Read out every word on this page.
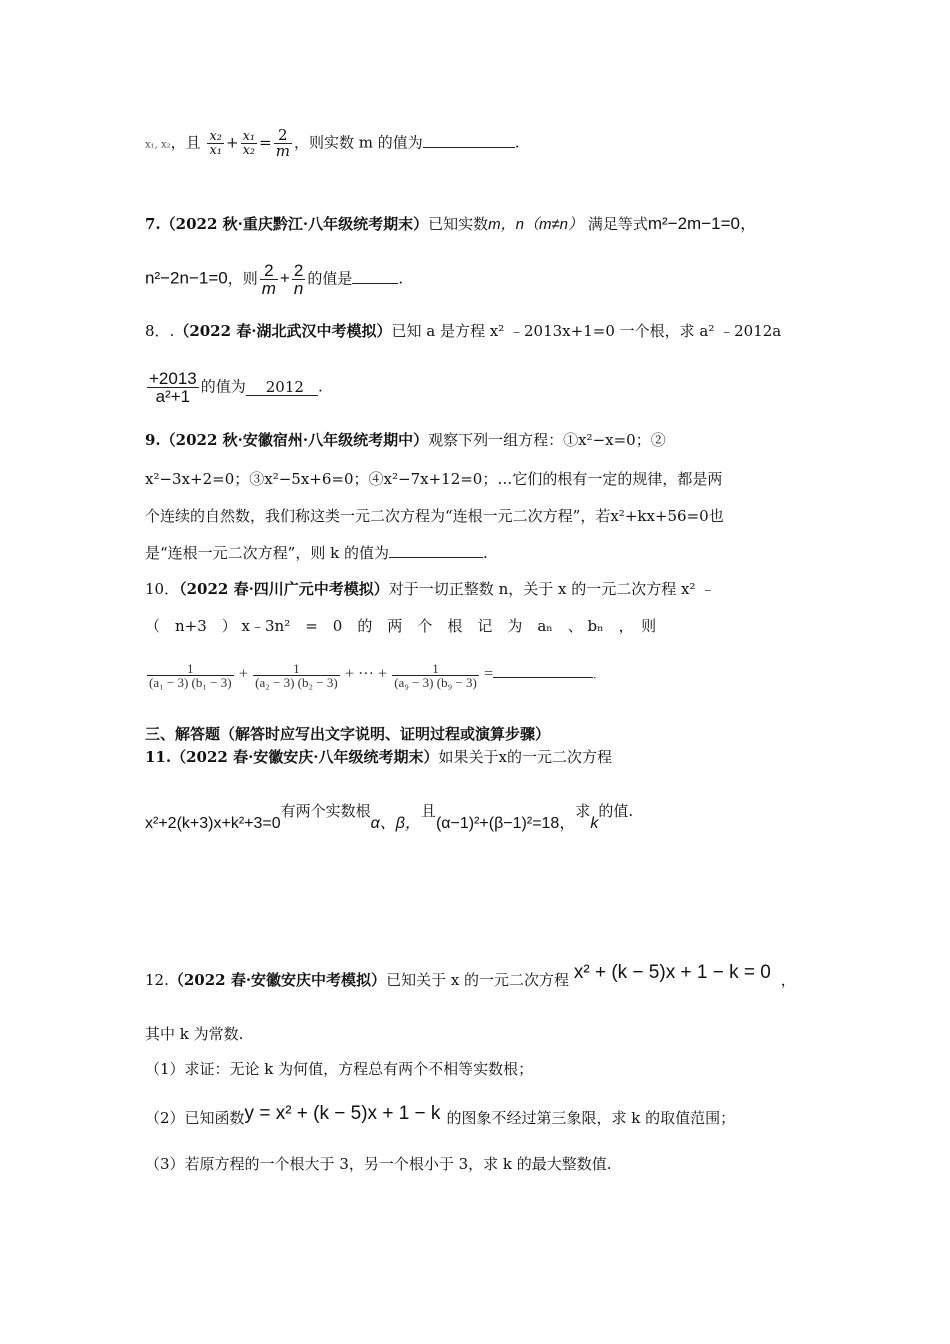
x₁, x₂，且 $\frac{\text{x₂}}{\text{x₁}} + \frac{\text{x₁}}{\text{x₂}} = \frac{2}{m}$ ，则实数 m 的值为	.
7.（2022 秋·重庆黔江·八年级统考期末）已知实数m，n（m≠n） 满足等式m²−2m−1=0，
n²−2n−1=0，则 $\frac{2}{m} + \frac{2}{n}$ 的值是	.
8．.（2022 春·湖北武汉中考模拟）已知 a 是方程 x² ﹣2013x+1=0 一个根，求 a² ﹣2012a
$\frac{+2013}{\text{a²+1}}$ 的值为 2012 .
9.（2022 秋·安徽宿州·八年级统考期中）观察下列一组方程：①x²−x=0；②
x²−3x+2=0；③x²−5x+6=0；④x²−7x+12=0；…它们的根有一定的规律，都是两
个连续的自然数，我们称这类一元二次方程为“连根一元二次方程”，若x²+kx+56=0也
是“连根一元二次方程”，则 k 的值为	.
10．（2022 春·四川广元中考模拟）对于一切正整数 n，关于 x 的一元二次方程 x² ﹣
（　n+3　） x﹣3n²　=　0　的　两　个　根　记　为　aₙ　、 bₙ　，　则
$\frac{1}{\text{(a₁ − 3) (b₁ − 3)}} + \frac{1}{\text{(a₂ − 3) (b₂ − 3)}}$ + ··· + $\frac{1}{\text{(a₉ − 3) (b₉ − 3)}}$ =	.
三、解答题（解答时应写出文字说明、证明过程或演算步骤）
11.（2022 春·安徽安庆·八年级统考期末）如果关于x的一元二次方程
x²+2(k+3)x+k²+3=0有两个实数根α、β，且(α−1)²+(β−1)²=18，求k的值.
12.（2022 春·安徽安庆中考模拟）已知关于 x 的一元二次方程 x² + (k − 5)x + 1 − k = 0 ，
其中 k 为常数.
（1）求证：无论 k 为何值，方程总有两个不相等实数根；
（2）已知函数y = x² + (k − 5)x + 1 − k 的图象不经过第三象限，求 k 的取值范围；
（3）若原方程的一个根大于 3，另一个根小于 3，求 k 的最大整数值.
